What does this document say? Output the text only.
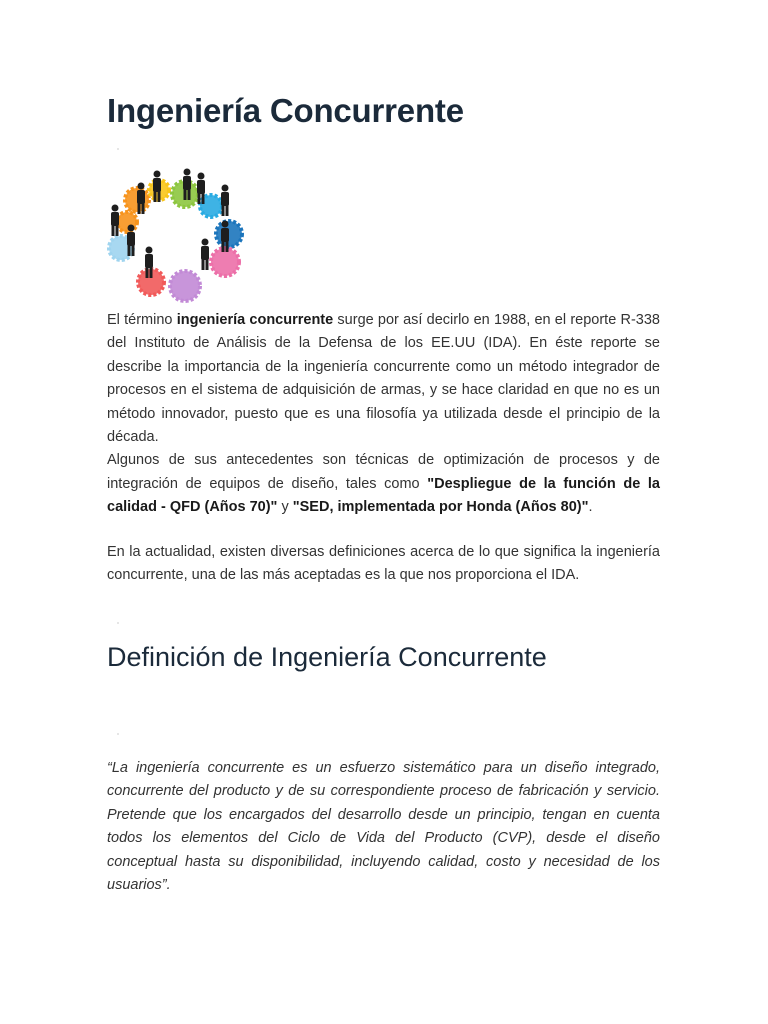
Ingeniería Concurrente

El término ingeniería concurrente surge por así decirlo en 1988, en el reporte R-338 del Instituto de Análisis de la Defensa de los EE.UU (IDA). En éste reporte se describe la importancia de la ingeniería concurrente como un método integrador de procesos en el sistema de adquisición de armas, y se hace claridad en que no es un método innovador, puesto que es una filosofía ya utilizada desde el principio de la década.
Algunos de sus antecedentes son técnicas de optimización de procesos y de integración de equipos de diseño, tales como "Despliegue de la función de la calidad - QFD (Años 70)" y "SED, implementada por Honda (Años 80)".

En la actualidad, existen diversas definiciones acerca de lo que significa la ingeniería concurrente, una de las más aceptadas es la que nos proporciona el IDA.

Definición de Ingeniería Concurrente

“La ingeniería concurrente es un esfuerzo sistemático para un diseño integrado, concurrente del producto y de su correspondiente proceso de fabricación y servicio. Pretende que los encargados del desarrollo desde un principio, tengan en cuenta todos los elementos del Ciclo de Vida del Producto (CVP), desde el diseño conceptual hasta su disponibilidad, incluyendo calidad, costo y necesidad de los usuarios”.
